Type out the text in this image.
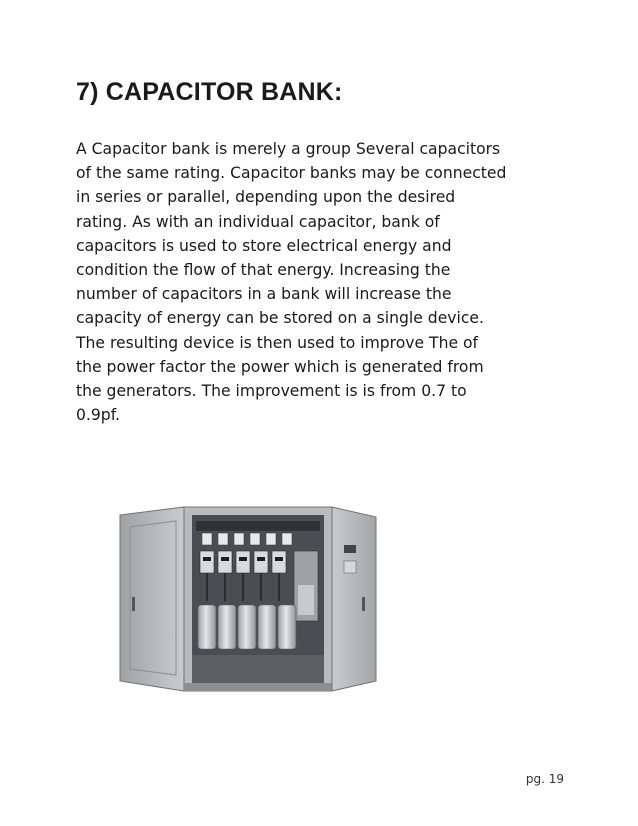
7) CAPACITOR BANK:

A Capacitor bank is merely a group Several capacitors
of the same rating. Capacitor banks may be connected
in series or parallel, depending upon the desired
rating. As with an individual capacitor, bank of
capacitors is used to store electrical energy and
condition the flow of that energy. Increasing the
number of capacitors in a bank will increase the
capacity of energy can be stored on a single device.
The resulting device is then used to improve The of
the power factor the power which is generated from
the generators. The improvement is is from 0.7 to
0.9pf.

pg. 19
